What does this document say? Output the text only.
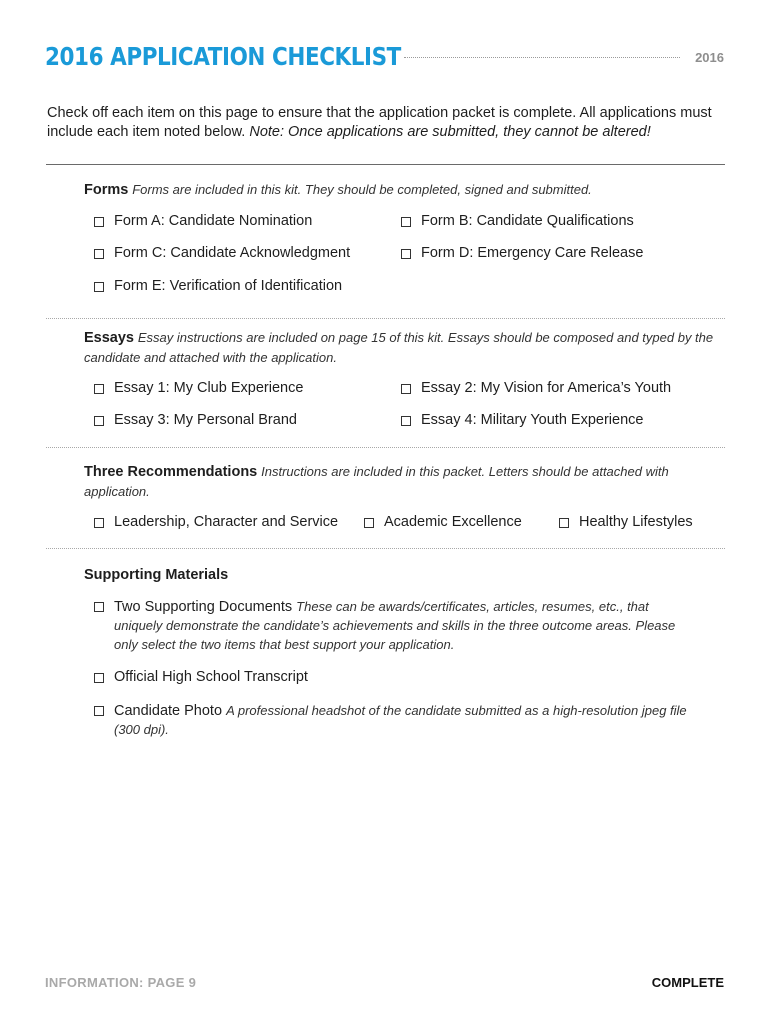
2016 APPLICATION CHECKLIST	2016
Check off each item on this page to ensure that the application packet is complete. All applications must include each item noted below. Note: Once applications are submitted, they cannot be altered!
Forms Forms are included in this kit. They should be completed, signed and submitted.
Form A: Candidate Nomination	Form B: Candidate Qualifications
Form C: Candidate Acknowledgment	Form D: Emergency Care Release
Form E: Verification of Identification
Essays Essay instructions are included on page 15 of this kit. Essays should be composed and typed by the candidate and attached with the application.
Essay 1: My Club Experience	Essay 2: My Vision for America’s Youth
Essay 3: My Personal Brand	Essay 4: Military Youth Experience
Three Recommendations Instructions are included in this packet. Letters should be attached with application.
Leadership, Character and Service	Academic Excellence	Healthy Lifestyles
Supporting Materials
Two Supporting Documents These can be awards/certificates, articles, resumes, etc., that uniquely demonstrate the candidate’s achievements and skills in the three outcome areas. Please only select the two items that best support your application.
Official High School Transcript
Candidate Photo A professional headshot of the candidate submitted as a high-resolution jpeg file (300 dpi).
INFORMATION: PAGE 9	COMPLETE
